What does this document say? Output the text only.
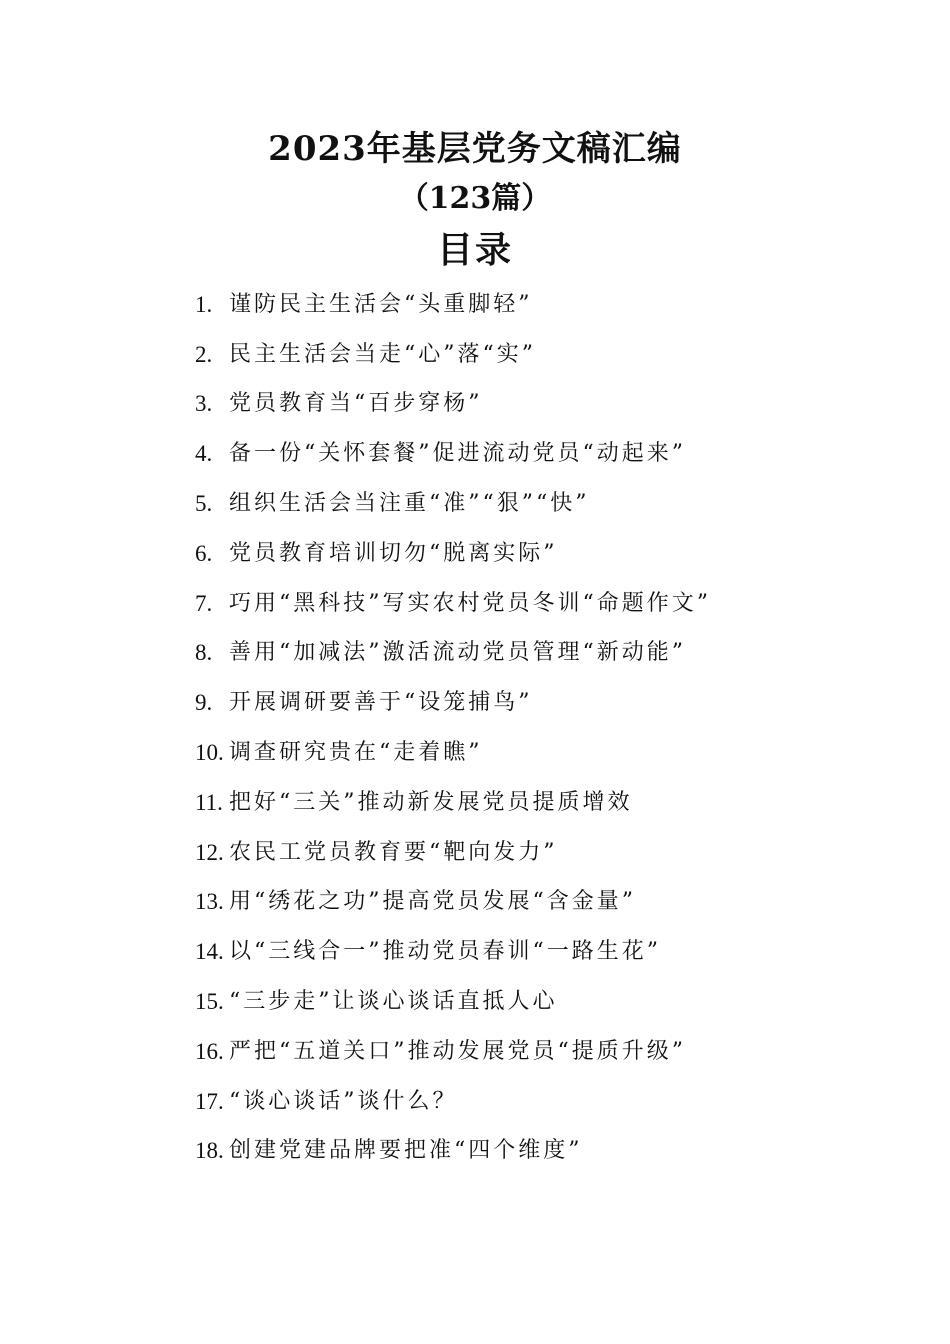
2023年基层党务文稿汇编
（123篇）
目录
1. 谨防民主生活会“头重脚轻”
2. 民主生活会当走“心”落“实”
3. 党员教育当“百步穿杨”
4. 备一份“关怀套餐”促进流动党员“动起来”
5. 组织生活会当注重“准”“狠”“快”
6. 党员教育培训切勿“脱离实际”
7. 巧用“黑科技”写实农村党员冬训“命题作文”
8. 善用“加减法”激活流动党员管理“新动能”
9. 开展调研要善于“设笼捕鸟”
10. 调查研究贵在“走着瞧”
11. 把好“三关”推动新发展党员提质增效
12. 农民工党员教育要“靶向发力”
13. 用“绣花之功”提高党员发展“含金量”
14. 以“三线合一”推动党员春训“一路生花”
15. “三步走”让谈心谈话直抵人心
16. 严把“五道关口”推动发展党员“提质升级”
17. “谈心谈话”谈什么？
18. 创建党建品牌要把准“四个维度”
